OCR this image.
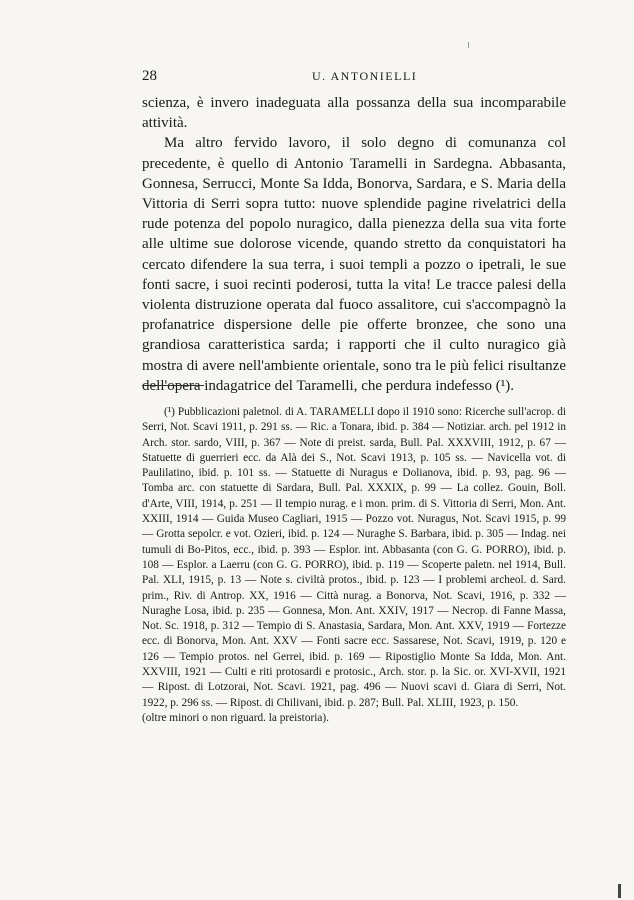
28	U. ANTONIELLI

scienza, è invero inadeguata alla possanza della sua incomparabile attività.

Ma altro fervido lavoro, il solo degno di comunanza col precedente, è quello di Antonio Taramelli in Sardegna. Abbasanta, Gonnesa, Serrucci, Monte Sa Idda, Bonorva, Sardara, e S. Maria della Vittoria di Serri sopra tutto: nuove splendide pagine rivelatrici della rude potenza del popolo nuragico, dalla pienezza della sua vita forte alle ultime sue dolorose vicende, quando stretto da conquistatori ha cercato difendere la sua terra, i suoi templi a pozzo o ipetrali, le sue fonti sacre, i suoi recinti poderosi, tutta la vita! Le tracce palesi della violenta distruzione operata dal fuoco assalitore, cui s'accompagnò la profanatrice dispersione delle pie offerte bronzee, che sono una grandiosa caratteristica sarda; i rapporti che il culto nuragico già mostra di avere nell'ambiente orientale, sono tra le più felici risultanze dell'opera indagatrice del Taramelli, che perdura indefesso (¹).

(¹) Pubblicazioni paletnol. di A. TARAMELLI dopo il 1910 sono: Ricerche sull'acrop. di Serri, Not. Scavi 1911, p. 291 ss. — Ric. a Tonara, ibid. p. 384 — Notiziar. arch. pel 1912 in Arch. stor. sardo, VIII, p. 367 — Note di preist. sarda, Bull. Pal. XXXVIII, 1912, p. 67 — Statuette di guerrieri ecc. da Alà dei S., Not. Scavi 1913, p. 105 ss. — Navicella vot. di Paulilatino, ibid. p. 101 ss. — Statuette di Nuragus e Dolianova, ibid. p. 93, pag. 96 — Tomba arc. con statuette di Sardara, Bull. Pal. XXXIX, p. 99 — La collez. Gouin, Boll. d'Arte, VIII, 1914, p. 251 — Il tempio nurag. e i mon. prim. di S. Vittoria di Serri, Mon. Ant. XXIII, 1914 — Guida Museo Cagliari, 1915 — Pozzo vot. Nuragus, Not. Scavi 1915, p. 99 — Grotta sepolcr. e vot. Ozieri, ibid. p. 124 — Nuraghe S. Barbara, ibid. p. 305 — Indag. nei tumuli di Bo-Pitos, ecc., ibid. p. 393 — Esplor. int. Abbasanta (con G. G. PORRO), ibid. p. 108 — Esplor. a Laerru (con G. G. PORRO), ibid. p. 119 — Scoperte paletn. nel 1914, Bull. Pal. XLI, 1915, p. 13 — Note s. civiltà protos., ibid. p. 123 — I problemi archeol. d. Sard. prim., Riv. di Antrop. XX, 1916 — Città nurag. a Bonorva, Not. Scavi, 1916, p. 332 — Nuraghe Losa, ibid. p. 235 — Gonnesa, Mon. Ant. XXIV, 1917 — Necrop. di Fanne Massa, Not. Sc. 1918, p. 312 — Tempio di S. Anastasia, Sardara, Mon. Ant. XXV, 1919 — Fortezze ecc. di Bonorva, Mon. Ant. XXV — Fonti sacre ecc. Sassarese, Not. Scavi, 1919, p. 120 e 126 — Tempio protos. nel Gerrei, ibid. p. 169 — Ripostiglio Monte Sa Idda, Mon. Ant. XXVIII, 1921 — Culti e riti protosardi e protosic., Arch. stor. p. la Sic. or. XVI-XVII, 1921 — Ripost. di Lotzorai, Not. Scavi. 1921, pag. 496 — Nuovi scavi d. Giara di Serri, Not. 1922, p. 296 ss. — Ripost. di Chilivani, ibid. p. 287; Bull. Pal. XLIII, 1923, p. 150.

(oltre minori o non riguard. la preistoria).
